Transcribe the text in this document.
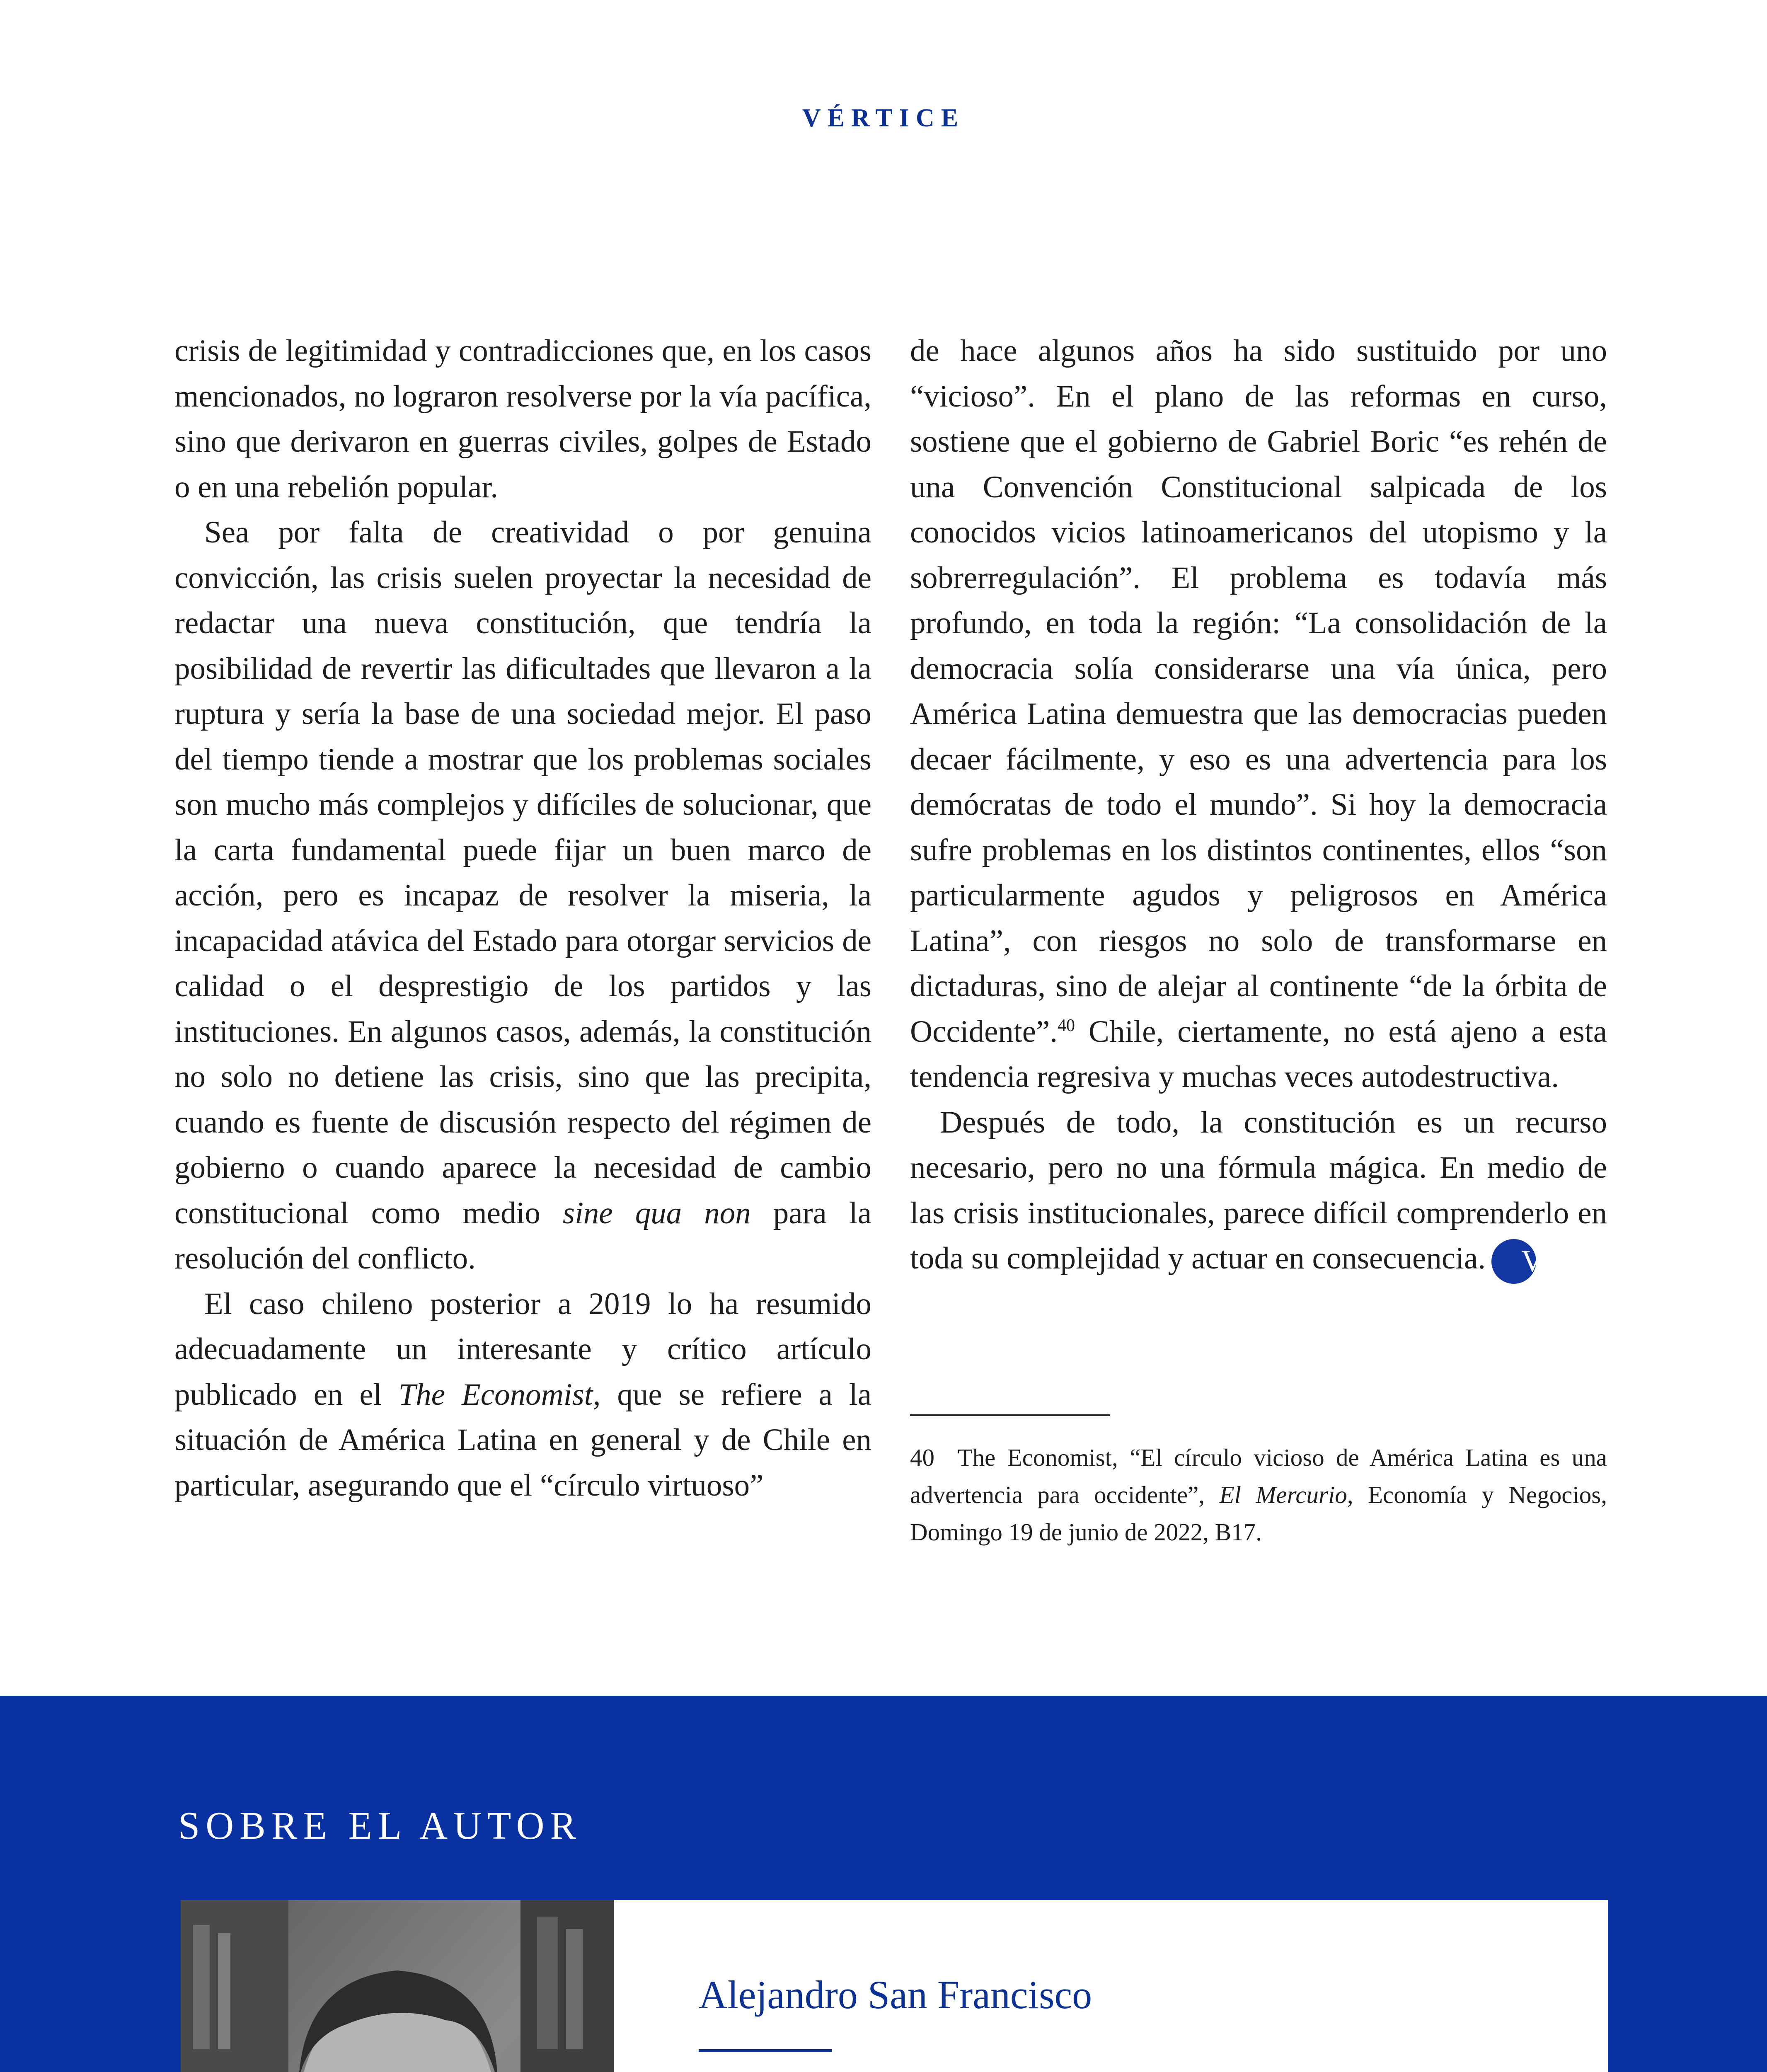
VÉRTICE

crisis de legitimidad y contradicciones que, en los casos mencionados, no lograron resolverse por la vía pacífica, sino que derivaron en guerras civiles, golpes de Estado o en una rebelión popular.

Sea por falta de creatividad o por genuina convicción, las crisis suelen proyectar la necesidad de redactar una nueva constitución, que tendría la posibilidad de revertir las dificultades que llevaron a la ruptura y sería la base de una sociedad mejor. El paso del tiempo tiende a mostrar que los problemas sociales son mucho más complejos y difíciles de solucionar, que la carta fundamental puede fijar un buen marco de acción, pero es incapaz de resolver la miseria, la incapacidad atávica del Estado para otorgar servicios de calidad o el desprestigio de los partidos y las instituciones. En algunos casos, además, la constitución no solo no detiene las crisis, sino que las precipita, cuando es fuente de discusión respecto del régimen de gobierno o cuando aparece la necesidad de cambio constitucional como medio sine qua non para la resolución del conflicto.

El caso chileno posterior a 2019 lo ha resumido adecuadamente un interesante y crítico artículo publicado en el The Economist, que se refiere a la situación de América Latina en general y de Chile en particular, asegurando que el “círculo virtuoso”

de hace algunos años ha sido sustituido por uno “vicioso”. En el plano de las reformas en curso, sostiene que el gobierno de Gabriel Boric “es rehén de una Convención Constitucional salpicada de los conocidos vicios latinoamericanos del utopismo y la sobrerregulación”. El problema es todavía más profundo, en toda la región: “La consolidación de la democracia solía considerarse una vía única, pero América Latina demuestra que las democracias pueden decaer fácilmente, y eso es una advertencia para los demócratas de todo el mundo”. Si hoy la democracia sufre problemas en los distintos continentes, ellos “son particularmente agudos y peligrosos en América Latina”, con riesgos no solo de transformarse en dictaduras, sino de alejar al continente “de la órbita de Occidente”.$^{40}$ Chile, ciertamente, no está ajeno a esta tendencia regresiva y muchas veces autodestructiva.

Después de todo, la constitución es un recurso necesario, pero no una fórmula mágica. En medio de las crisis institucionales, parece difícil comprenderlo en toda su complejidad y actuar en consecuencia. V

40 The Economist, “El círculo vicioso de América Latina es una advertencia para occidente”, El Mercurio, Economía y Negocios, Domingo 19 de junio de 2022, B17.
SOBRE EL AUTOR
Alejandro San Francisco
